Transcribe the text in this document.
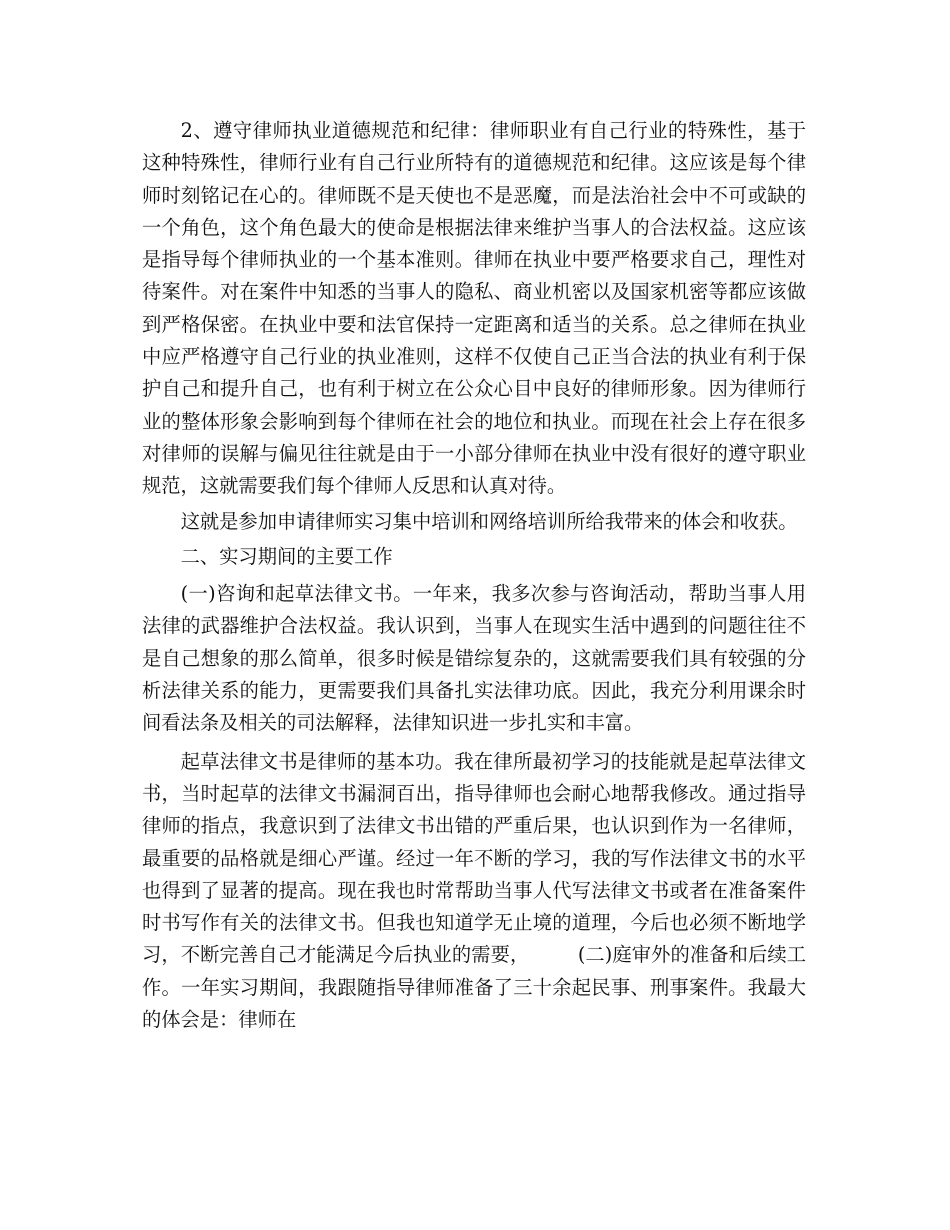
2、遵守律师执业道德规范和纪律：律师职业有自己行业的特殊性，基于这种特殊性，律师行业有自己行业所特有的道德规范和纪律。这应该是每个律师时刻铭记在心的。律师既不是天使也不是恶魔，而是法治社会中不可或缺的一个角色，这个角色最大的使命是根据法律来维护当事人的合法权益。这应该是指导每个律师执业的一个基本准则。律师在执业中要严格要求自己，理性对待案件。对在案件中知悉的当事人的隐私、商业机密以及国家机密等都应该做到严格保密。在执业中要和法官保持一定距离和适当的关系。总之律师在执业中应严格遵守自己行业的执业准则，这样不仅使自己正当合法的执业有利于保护自己和提升自己，也有利于树立在公众心目中良好的律师形象。因为律师行业的整体形象会影响到每个律师在社会的地位和执业。而现在社会上存在很多对律师的误解与偏见往往就是由于一小部分律师在执业中没有很好的遵守职业规范，这就需要我们每个律师人反思和认真对待。

这就是参加申请律师实习集中培训和网络培训所给我带来的体会和收获。

二、实习期间的主要工作

(一)咨询和起草法律文书。一年来，我多次参与咨询活动，帮助当事人用法律的武器维护合法权益。我认识到，当事人在现实生活中遇到的问题往往不是自己想象的那么简单，很多时候是错综复杂的，这就需要我们具有较强的分析法律关系的能力，更需要我们具备扎实法律功底。因此，我充分利用课余时间看法条及相关的司法解释，法律知识进一步扎实和丰富。

起草法律文书是律师的基本功。我在律所最初学习的技能就是起草法律文书，当时起草的法律文书漏洞百出，指导律师也会耐心地帮我修改。通过指导律师的指点，我意识到了法律文书出错的严重后果，也认识到作为一名律师，最重要的品格就是细心严谨。经过一年不断的学习，我的写作法律文书的水平也得到了显著的提高。现在我也时常帮助当事人代写法律文书或者在准备案件时书写作有关的法律文书。但我也知道学无止境的道理，今后也必须不断地学习，不断完善自己才能满足今后执业的需要，　　　(二)庭审外的准备和后续工作。一年实习期间，我跟随指导律师准备了三十余起民事、刑事案件。我最大的体会是：律师在
